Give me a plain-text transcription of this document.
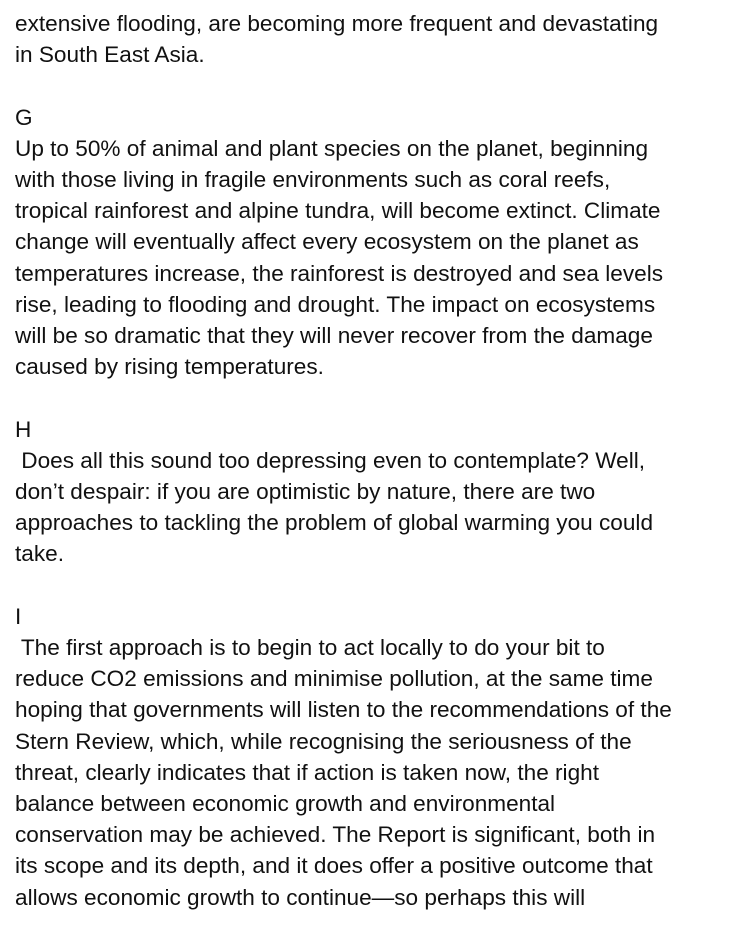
extensive flooding, are becoming more frequent and devastating
in South East Asia.
G
Up to 50% of animal and plant species on the planet, beginning
with those living in fragile environments such as coral reefs,
tropical rainforest and alpine tundra, will become extinct. Climate
change will eventually affect every ecosystem on the planet as
temperatures increase, the rainforest is destroyed and sea levels
rise, leading to flooding and drought. The impact on ecosystems
will be so dramatic that they will never recover from the damage
caused by rising temperatures.
H
Does all this sound too depressing even to contemplate? Well,
don’t despair: if you are optimistic by nature, there are two
approaches to tackling the problem of global warming you could
take.
I
The first approach is to begin to act locally to do your bit to
reduce CO2 emissions and minimise pollution, at the same time
hoping that governments will listen to the recommendations of the
Stern Review, which, while recognising the seriousness of the
threat, clearly indicates that if action is taken now, the right
balance between economic growth and environmental
conservation may be achieved. The Report is significant, both in
its scope and its depth, and it does offer a positive outcome that
allows economic growth to continue—so perhaps this will
